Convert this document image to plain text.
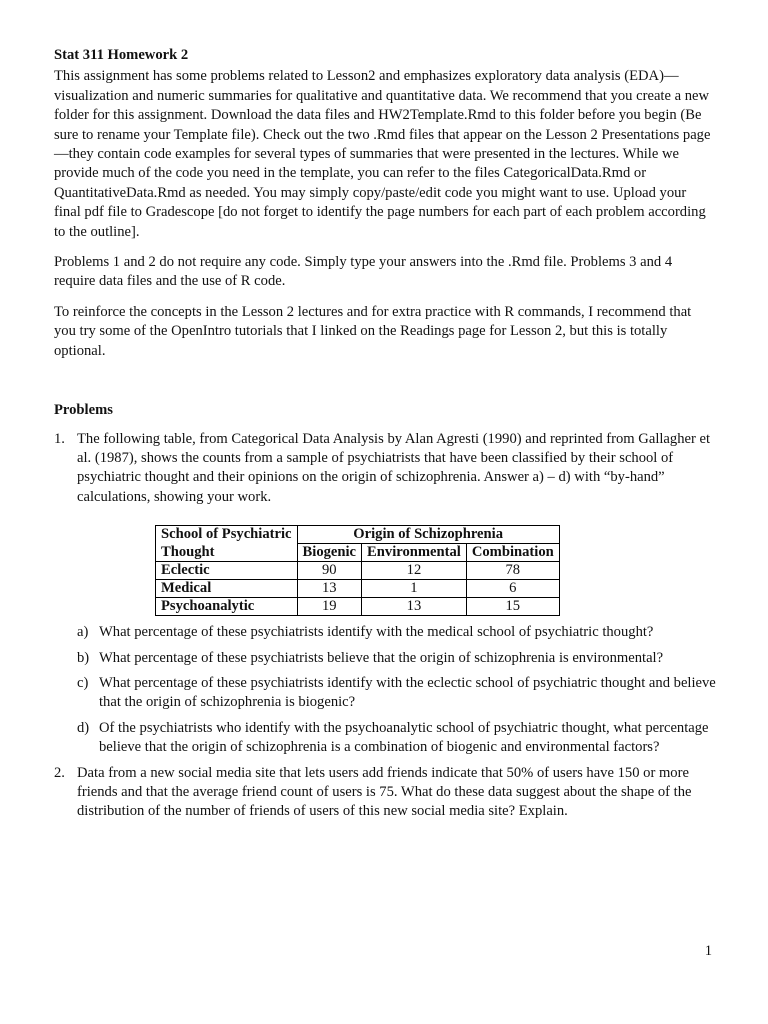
Stat 311 Homework 2

This assignment has some problems related to Lesson2 and emphasizes exploratory data analysis (EDA)—visualization and numeric summaries for qualitative and quantitative data. We recommend that you create a new folder for this assignment. Download the data files and HW2Template.Rmd to this folder before you begin (Be sure to rename your Template file). Check out the two .Rmd files that appear on the Lesson 2 Presentations page—they contain code examples for several types of summaries that were presented in the lectures. While we provide much of the code you need in the template, you can refer to the files CategoricalData.Rmd or QuantitativeData.Rmd as needed. You may simply copy/paste/edit code you might want to use. Upload your final pdf file to Gradescope [do not forget to identify the page numbers for each part of each problem according to the outline].

Problems 1 and 2 do not require any code. Simply type your answers into the .Rmd file. Problems 3 and 4 require data files and the use of R code.

To reinforce the concepts in the Lesson 2 lectures and for extra practice with R commands, I recommend that you try some of the OpenIntro tutorials that I linked on the Readings page for Lesson 2, but this is totally optional.

Problems
1. The following table, from Categorical Data Analysis by Alan Agresti (1990) and reprinted from Gallagher et al. (1987), shows the counts from a sample of psychiatrists that have been classified by their school of psychiatric thought and their opinions on the origin of schizophrenia. Answer a) – d) with “by-hand” calculations, showing your work.
School of Psychiatric	Origin of Schizophrenia		
Thought	Biogenic	Environmental	Combination
Eclectic	90	12	78
Medical	13	1	6
Psychoanalytic	19	13	15
a) What percentage of these psychiatrists identify with the medical school of psychiatric thought?
b) What percentage of these psychiatrists believe that the origin of schizophrenia is environmental?
c) What percentage of these psychiatrists identify with the eclectic school of psychiatric thought and believe that the origin of schizophrenia is biogenic?
d) Of the psychiatrists who identify with the psychoanalytic school of psychiatric thought, what percentage believe that the origin of schizophrenia is a combination of biogenic and environmental factors?
2. Data from a new social media site that lets users add friends indicate that 50% of users have 150 or more friends and that the average friend count of users is 75. What do these data suggest about the shape of the distribution of the number of friends of users of this new social media site? Explain.
1
